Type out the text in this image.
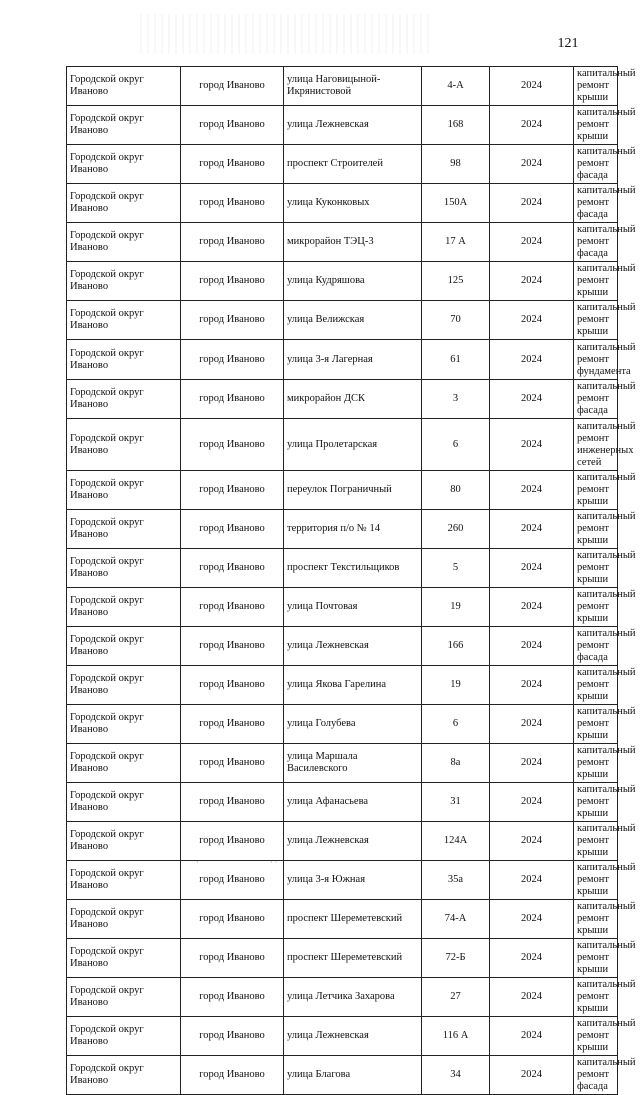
121
Городской округ Иваново	город Иваново	улица Наговицыной-Икрянистовой	4-А	2024	капитальный ремонт крыши
Городской округ Иваново	город Иваново	улица Лежневская	168	2024	капитальный ремонт крыши
Городской округ Иваново	город Иваново	проспект Строителей	98	2024	капитальный ремонт фасада
Городской округ Иваново	город Иваново	улица Куконковых	150А	2024	капитальный ремонт фасада
Городской округ Иваново	город Иваново	микрорайон ТЭЦ-3	17 А	2024	капитальный ремонт фасада
Городской округ Иваново	город Иваново	улица Кудряшова	125	2024	капитальный ремонт крыши
Городской округ Иваново	город Иваново	улица Велижская	70	2024	капитальный ремонт крыши
Городской округ Иваново	город Иваново	улица 3-я Лагерная	61	2024	капитальный ремонт фундамента
Городской округ Иваново	город Иваново	микрорайон ДСК	3	2024	капитальный ремонт фасада
Городской округ Иваново	город Иваново	улица Пролетарская	6	2024	капитальный ремонт инженерных сетей
Городской округ Иваново	город Иваново	переулок Пограничный	80	2024	капитальный ремонт крыши
Городской округ Иваново	город Иваново	территория п/о № 14	260	2024	капитальный ремонт крыши
Городской округ Иваново	город Иваново	проспект Текстильщиков	5	2024	капитальный ремонт крыши
Городской округ Иваново	город Иваново	улица Почтовая	19	2024	капитальный ремонт крыши
Городской округ Иваново	город Иваново	улица Лежневская	166	2024	капитальный ремонт фасада
Городской округ Иваново	город Иваново	улица Якова Гарелина	19	2024	капитальный ремонт крыши
Городской округ Иваново	город Иваново	улица Голубева	6	2024	капитальный ремонт крыши
Городской округ Иваново	город Иваново	улица Маршала Василевского	8а	2024	капитальный ремонт крыши
Городской округ Иваново	город Иваново	улица Афанасьева	31	2024	капитальный ремонт крыши
Городской округ Иваново	город Иваново	улица Лежневская	124А	2024	капитальный ремонт крыши
Городской округ Иваново	город Иваново	улица 3-я Южная	35а	2024	капитальный ремонт крыши
Городской округ Иваново	город Иваново	проспект Шереметевский	74-А	2024	капитальный ремонт крыши
Городской округ Иваново	город Иваново	проспект Шереметевский	72-Б	2024	капитальный ремонт крыши
Городской округ Иваново	город Иваново	улица Летчика Захарова	27	2024	капитальный ремонт крыши
Городской округ Иваново	город Иваново	улица Лежневская	116 А	2024	капитальный ремонт крыши
Городской округ Иваново	город Иваново	улица Благова	34	2024	капитальный ремонт фасада
·	· ·
